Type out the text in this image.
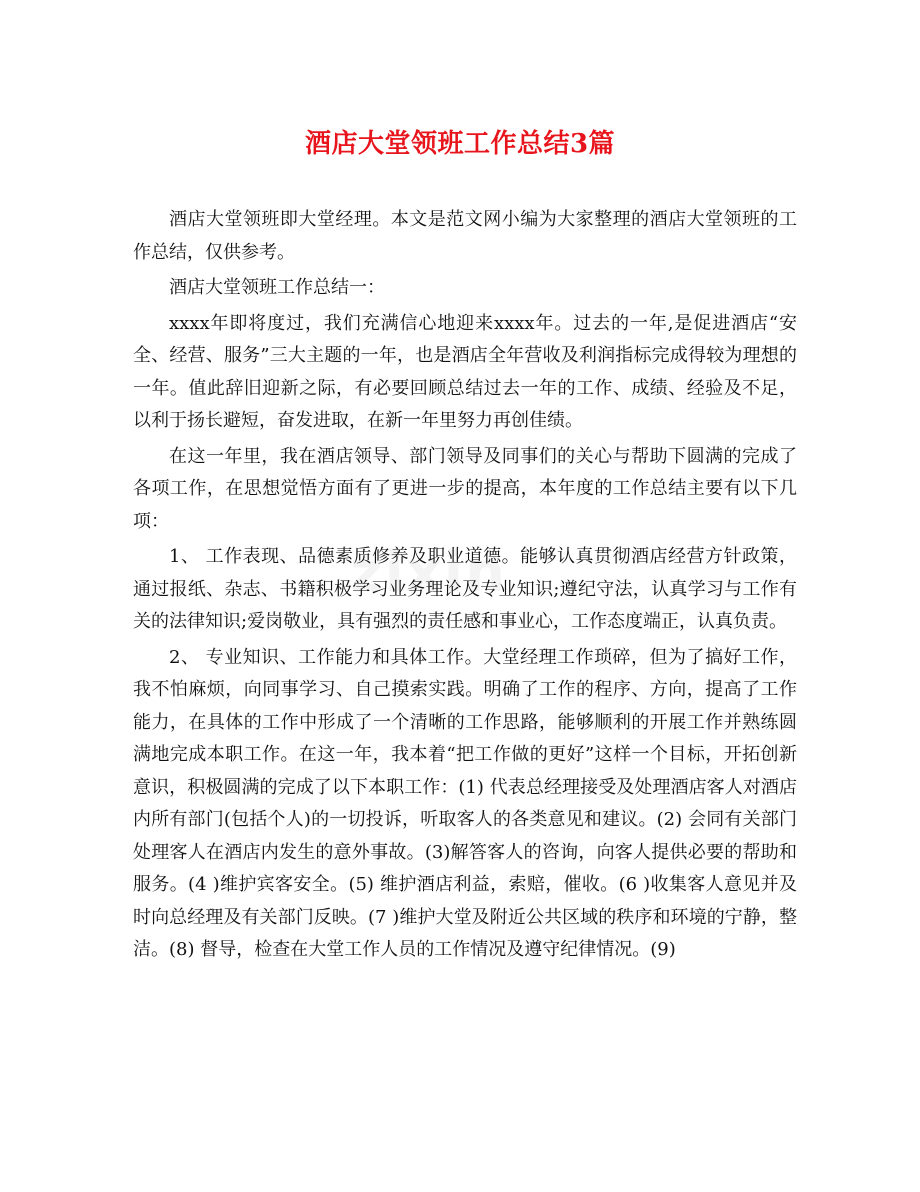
酒店大堂领班工作总结3篇

酒店大堂领班即大堂经理。本文是范文网小编为大家整理的酒店大堂领班的工作总结，仅供参考。

酒店大堂领班工作总结一：

xxxx年即将度过，我们充满信心地迎来xxxx年。过去的一年,是促进酒店“安全、经营、服务”三大主题的一年，也是酒店全年营收及利润指标完成得较为理想的一年。值此辞旧迎新之际，有必要回顾总结过去一年的工作、成绩、经验及不足，以利于扬长避短，奋发进取，在新一年里努力再创佳绩。

在这一年里，我在酒店领导、部门领导及同事们的关心与帮助下圆满的完成了各项工作，在思想觉悟方面有了更进一步的提高，本年度的工作总结主要有以下几项：

1、 工作表现、品德素质修养及职业道德。能够认真贯彻酒店经营方针政策，通过报纸、杂志、书籍积极学习业务理论及专业知识;遵纪守法，认真学习与工作有关的法律知识;爱岗敬业，具有强烈的责任感和事业心，工作态度端正，认真负责。

2、 专业知识、工作能力和具体工作。大堂经理工作琐碎，但为了搞好工作，我不怕麻烦，向同事学习、自己摸索实践。明确了工作的程序、方向，提高了工作能力，在具体的工作中形成了一个清晰的工作思路，能够顺利的开展工作并熟练圆满地完成本职工作。在这一年，我本着“把工作做的更好”这样一个目标，开拓创新意识，积极圆满的完成了以下本职工作：(1) 代表总经理接受及处理酒店客人对酒店内所有部门(包括个人)的一切投诉，听取客人的各类意见和建议。(2) 会同有关部门处理客人在酒店内发生的意外事故。(3)解答客人的咨询，向客人提供必要的帮助和服务。(4 )维护宾客安全。(5) 维护酒店利益，索赔，催收。(6 )收集客人意见并及时向总经理及有关部门反映。(7 )维护大堂及附近公共区域的秩序和环境的宁静，整洁。(8) 督导，检查在大堂工作人员的工作情况及遵守纪律情况。(9)
